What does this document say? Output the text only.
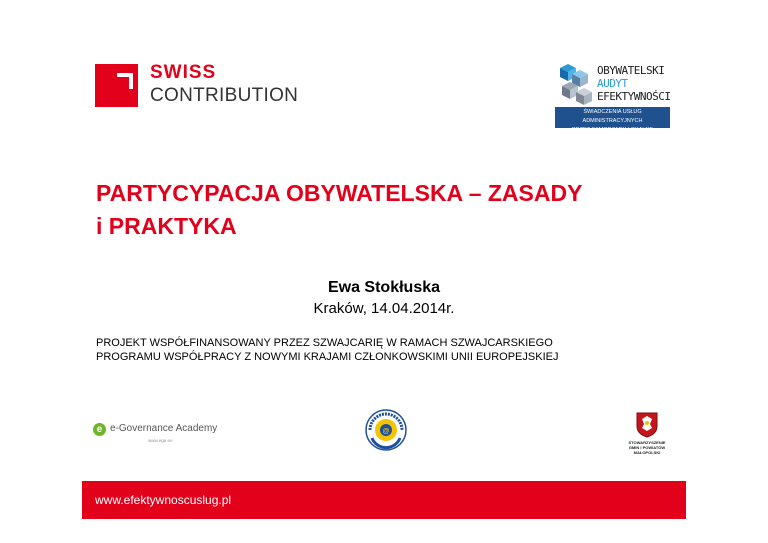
SWISS
CONTRIBUTION
OBYWATELSKI
AUDYT
EFEKTYWNOŚCI
ŚWIADCZENIA USŁUG ADMINISTRACYJNYCH
PRZEZ SAMORZĄDY LOKALNE
PARTYCYPACJA OBYWATELSKA – ZASADY
i PRAKTYKA
Ewa Stokłuska
Kraków, 14.04.2014r.
PROJEKT WSPÓŁFINANSOWANY PRZEZ SZWAJCARIĘ W RAMACH SZWAJCARSKIEGO
PROGRAMU WSPÓŁPRACY Z NOWYMI KRAJAMI CZŁONKOWSKIMI UNII EUROPEJSKIEJ
e e-Governance Academy
www.ega.ee
@
STOWARZYSZENIE
GMIN I POWIATÓW
MAŁOPOLSKI
www.efektywnoscuslug.pl
